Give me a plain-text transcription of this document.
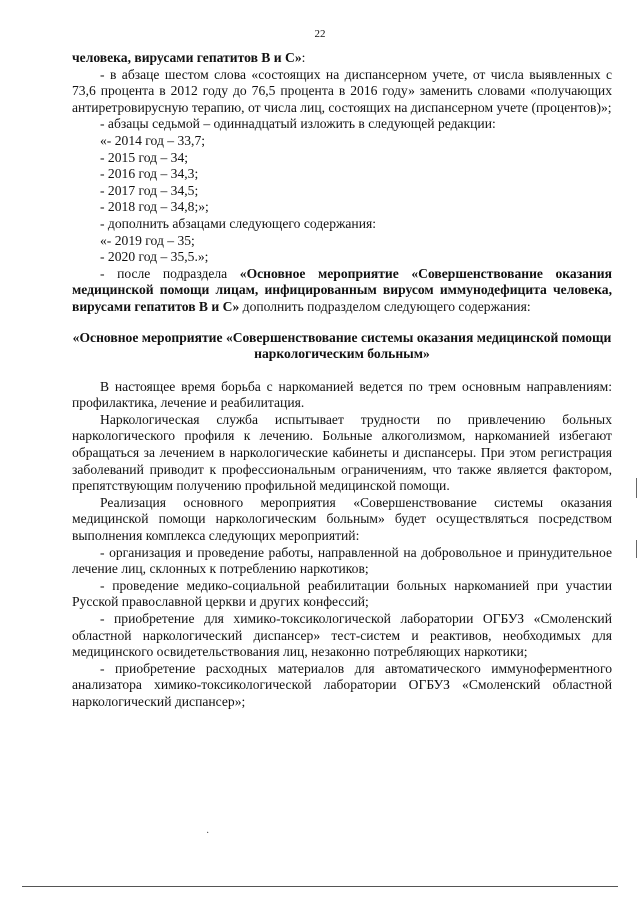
22

человека, вирусами гепатитов В и С»:

- в абзаце шестом слова «состоящих на диспансерном учете, от числа выявленных с 73,6 процента в 2012 году до 76,5 процента в 2016 году» заменить словами «получающих антиретровирусную терапию, от числа лиц, состоящих на диспансерном учете (процентов)»;

- абзацы седьмой – одиннадцатый изложить в следующей редакции:

«- 2014 год – 33,7;

- 2015 год – 34;

- 2016 год – 34,3;

- 2017 год – 34,5;

- 2018 год – 34,8;»;

- дополнить абзацами следующего содержания:

«- 2019 год – 35;

- 2020 год – 35,5.»;

- после подраздела «Основное мероприятие «Совершенствование оказания медицинской помощи лицам, инфицированным вирусом иммунодефицита человека, вирусами гепатитов В и С» дополнить подразделом следующего содержания:

«Основное мероприятие «Совершенствование системы оказания медицинской помощи наркологическим больным»

В настоящее время борьба с наркоманией ведется по трем основным направлениям: профилактика, лечение и реабилитация.

Наркологическая служба испытывает трудности по привлечению больных наркологического профиля к лечению. Больные алкоголизмом, наркоманией избегают обращаться за лечением в наркологические кабинеты и диспансеры. При этом регистрация заболеваний приводит к профессиональным ограничениям, что также является фактором, препятствующим получению профильной медицинской помощи.

Реализация основного мероприятия «Совершенствование системы оказания медицинской помощи наркологическим больным» будет осуществляться посредством выполнения комплекса следующих мероприятий:

- организация и проведение работы, направленной на добровольное и принудительное лечение лиц, склонных к потреблению наркотиков;

- проведение медико-социальной реабилитации больных наркоманией при участии Русской православной церкви и других конфессий;

- приобретение для химико-токсикологической лаборатории ОГБУЗ «Смоленский областной наркологический диспансер» тест-систем и реактивов, необходимых для медицинского освидетельствования лиц, незаконно потребляющих наркотики;

- приобретение расходных материалов для автоматического иммуноферментного анализатора химико-токсикологической лаборатории ОГБУЗ «Смоленский областной наркологический диспансер»;

·
